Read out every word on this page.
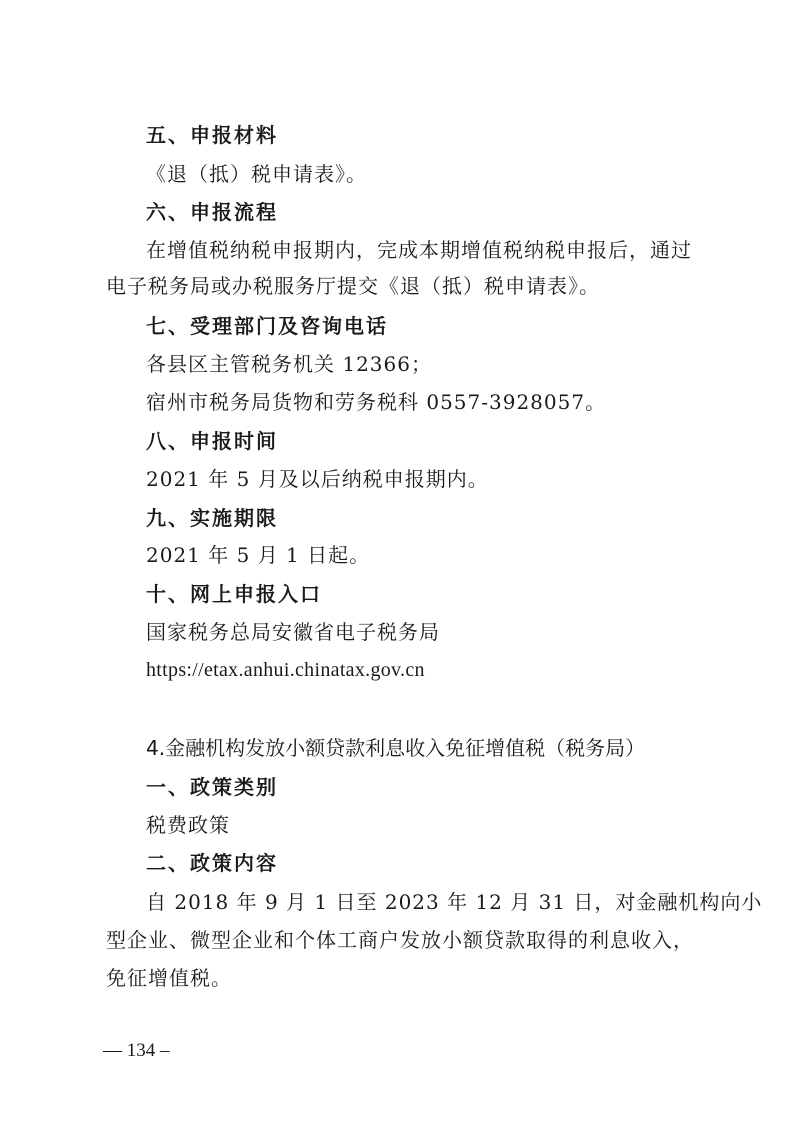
五、申报材料
《退（抵）税申请表》。
六、申报流程
在增值税纳税申报期内，完成本期增值税纳税申报后，通过
电子税务局或办税服务厅提交《退（抵）税申请表》。
七、受理部门及咨询电话
各县区主管税务机关 12366；
宿州市税务局货物和劳务税科 0557-3928057。
八、申报时间
2021 年 5 月及以后纳税申报期内。
九、实施期限
2021 年 5 月 1 日起。
十、网上申报入口
国家税务总局安徽省电子税务局
https://etax.anhui.chinatax.gov.cn
4.金融机构发放小额贷款利息收入免征增值税（税务局）
一、政策类别
税费政策
二、政策内容
自 2018 年 9 月 1 日至 2023 年 12 月 31 日，对金融机构向小
型企业、微型企业和个体工商户发放小额贷款取得的利息收入，
免征增值税。
— 134 –
